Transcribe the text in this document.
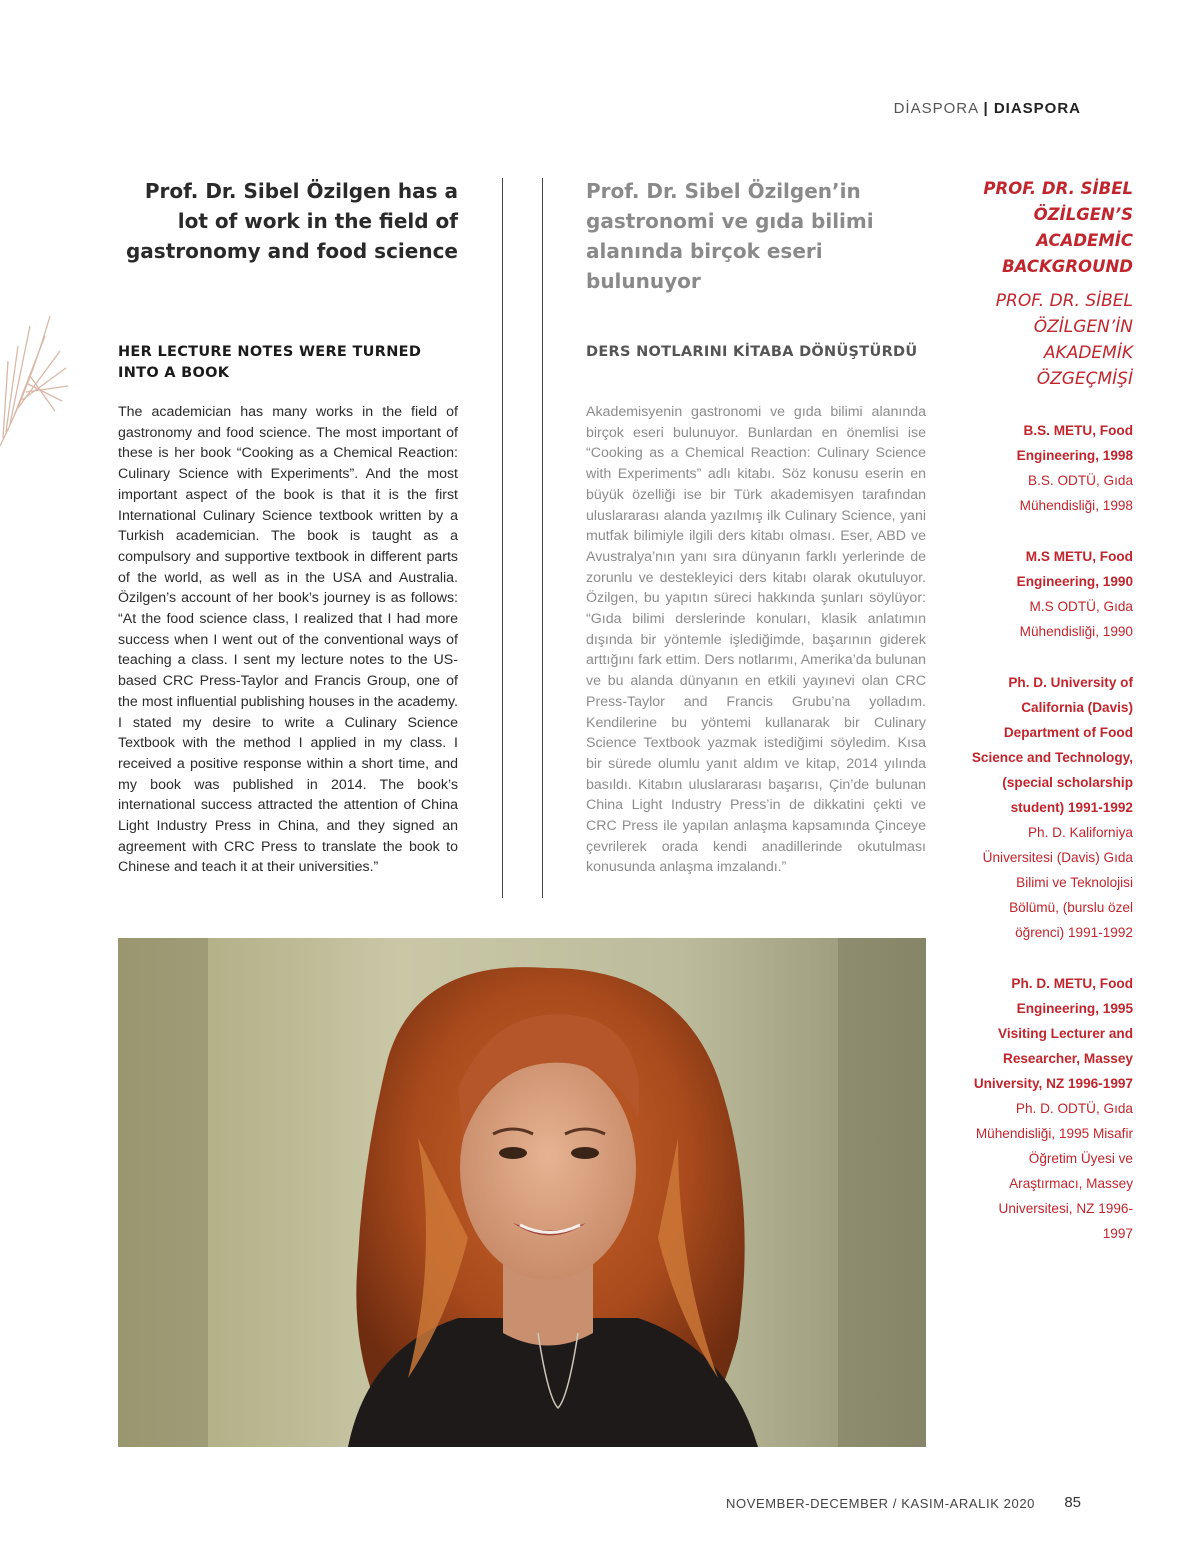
DİASPORA | DIASPORA
Prof. Dr. Sibel Özilgen has a lot of work in the field of gastronomy and food science
Prof. Dr. Sibel Özilgen’in gastronomi ve gıda bilimi alanında birçok eseri bulunuyor
HER LECTURE NOTES WERE TURNED INTO A BOOK
DERS NOTLARINI KİTABA DÖNÜŞTÜRDÜ
The academician has many works in the field of gastronomy and food science. The most important of these is her book “Cooking as a Chemical Reaction: Culinary Science with Experiments”. And the most important aspect of the book is that it is the first International Culinary Science textbook written by a Turkish academician. The book is taught as a compulsory and supportive textbook in different parts of the world, as well as in the USA and Australia. Özilgen’s account of her book’s journey is as follows: “At the food science class, I realized that I had more success when I went out of the conventional ways of teaching a class. I sent my lecture notes to the US-based CRC Press-Taylor and Francis Group, one of the most influential publishing houses in the academy. I stated my desire to write a Culinary Science Textbook with the method I applied in my class. I received a positive response within a short time, and my book was published in 2014. The book’s international success attracted the attention of China Light Industry Press in China, and they signed an agreement with CRC Press to translate the book to Chinese and teach it at their universities.”
Akademisyenin gastronomi ve gıda bilimi alanında birçok eseri bulunuyor. Bunlardan en önemlisi ise “Cooking as a Chemical Reaction: Culinary Science with Experiments” adlı kitabı. Söz konusu eserin en büyük özelliği ise bir Türk akademisyen tarafından uluslararası alanda yazılmış ilk Culinary Science, yani mutfak bilimiyle ilgili ders kitabı olması. Eser, ABD ve Avustralya’nın yanı sıra dünyanın farklı yerlerinde de zorunlu ve destekleyici ders kitabı olarak okutuluyor. Özilgen, bu yapıtın süreci hakkında şunları söylüyor: “Gıda bilimi derslerinde konuları, klasik anlatımın dışında bir yöntemle işlediğimde, başarının giderek arttığını fark ettim. Ders notlarımı, Amerika’da bulunan ve bu alanda dünyanın en etkili yayınevi olan CRC Press-Taylor and Francis Grubu’na yolladım. Kendilerine bu yöntemi kullanarak bir Culinary Science Textbook yazmak istediğimi söyledim. Kısa bir sürede olumlu yanıt aldım ve kitap, 2014 yılında basıldı. Kitabın uluslararası başarısı, Çin’de bulunan China Light Industry Press’in de dikkatini çekti ve CRC Press ile yapılan anlaşma kapsamında Çinceye çevrilerek orada kendi anadillerinde okutulması konusunda anlaşma imzalandı.”
PROF. DR. SİBEL ÖZİLGEN’S ACADEMİC BACKGROUND
PROF. DR. SİBEL ÖZİLGEN’İN AKADEMİK ÖZGEÇMİŞİ
B.S. METU, Food Engineering, 1998
B.S. ODTÜ, Gıda Mühendisliği, 1998
M.S METU, Food Engineering, 1990
M.S ODTÜ, Gıda Mühendisliği, 1990
Ph. D. University of California (Davis) Department of Food Science and Technology, (special scholarship student) 1991-1992
Ph. D. Kaliforniya Üniversitesi (Davis) Gıda Bilimi ve Teknolojisi Bölümü, (burslu özel öğrenci) 1991-1992
Ph. D. METU, Food Engineering, 1995 Visiting Lecturer and Researcher, Massey University, NZ 1996-1997
Ph. D. ODTÜ, Gıda Mühendisliği, 1995 Misafir Öğretim Üyesi ve Araştırmacı, Massey Universitesi, NZ 1996-1997
NOVEMBER-DECEMBER / KASIM-ARALIK 2020 85
